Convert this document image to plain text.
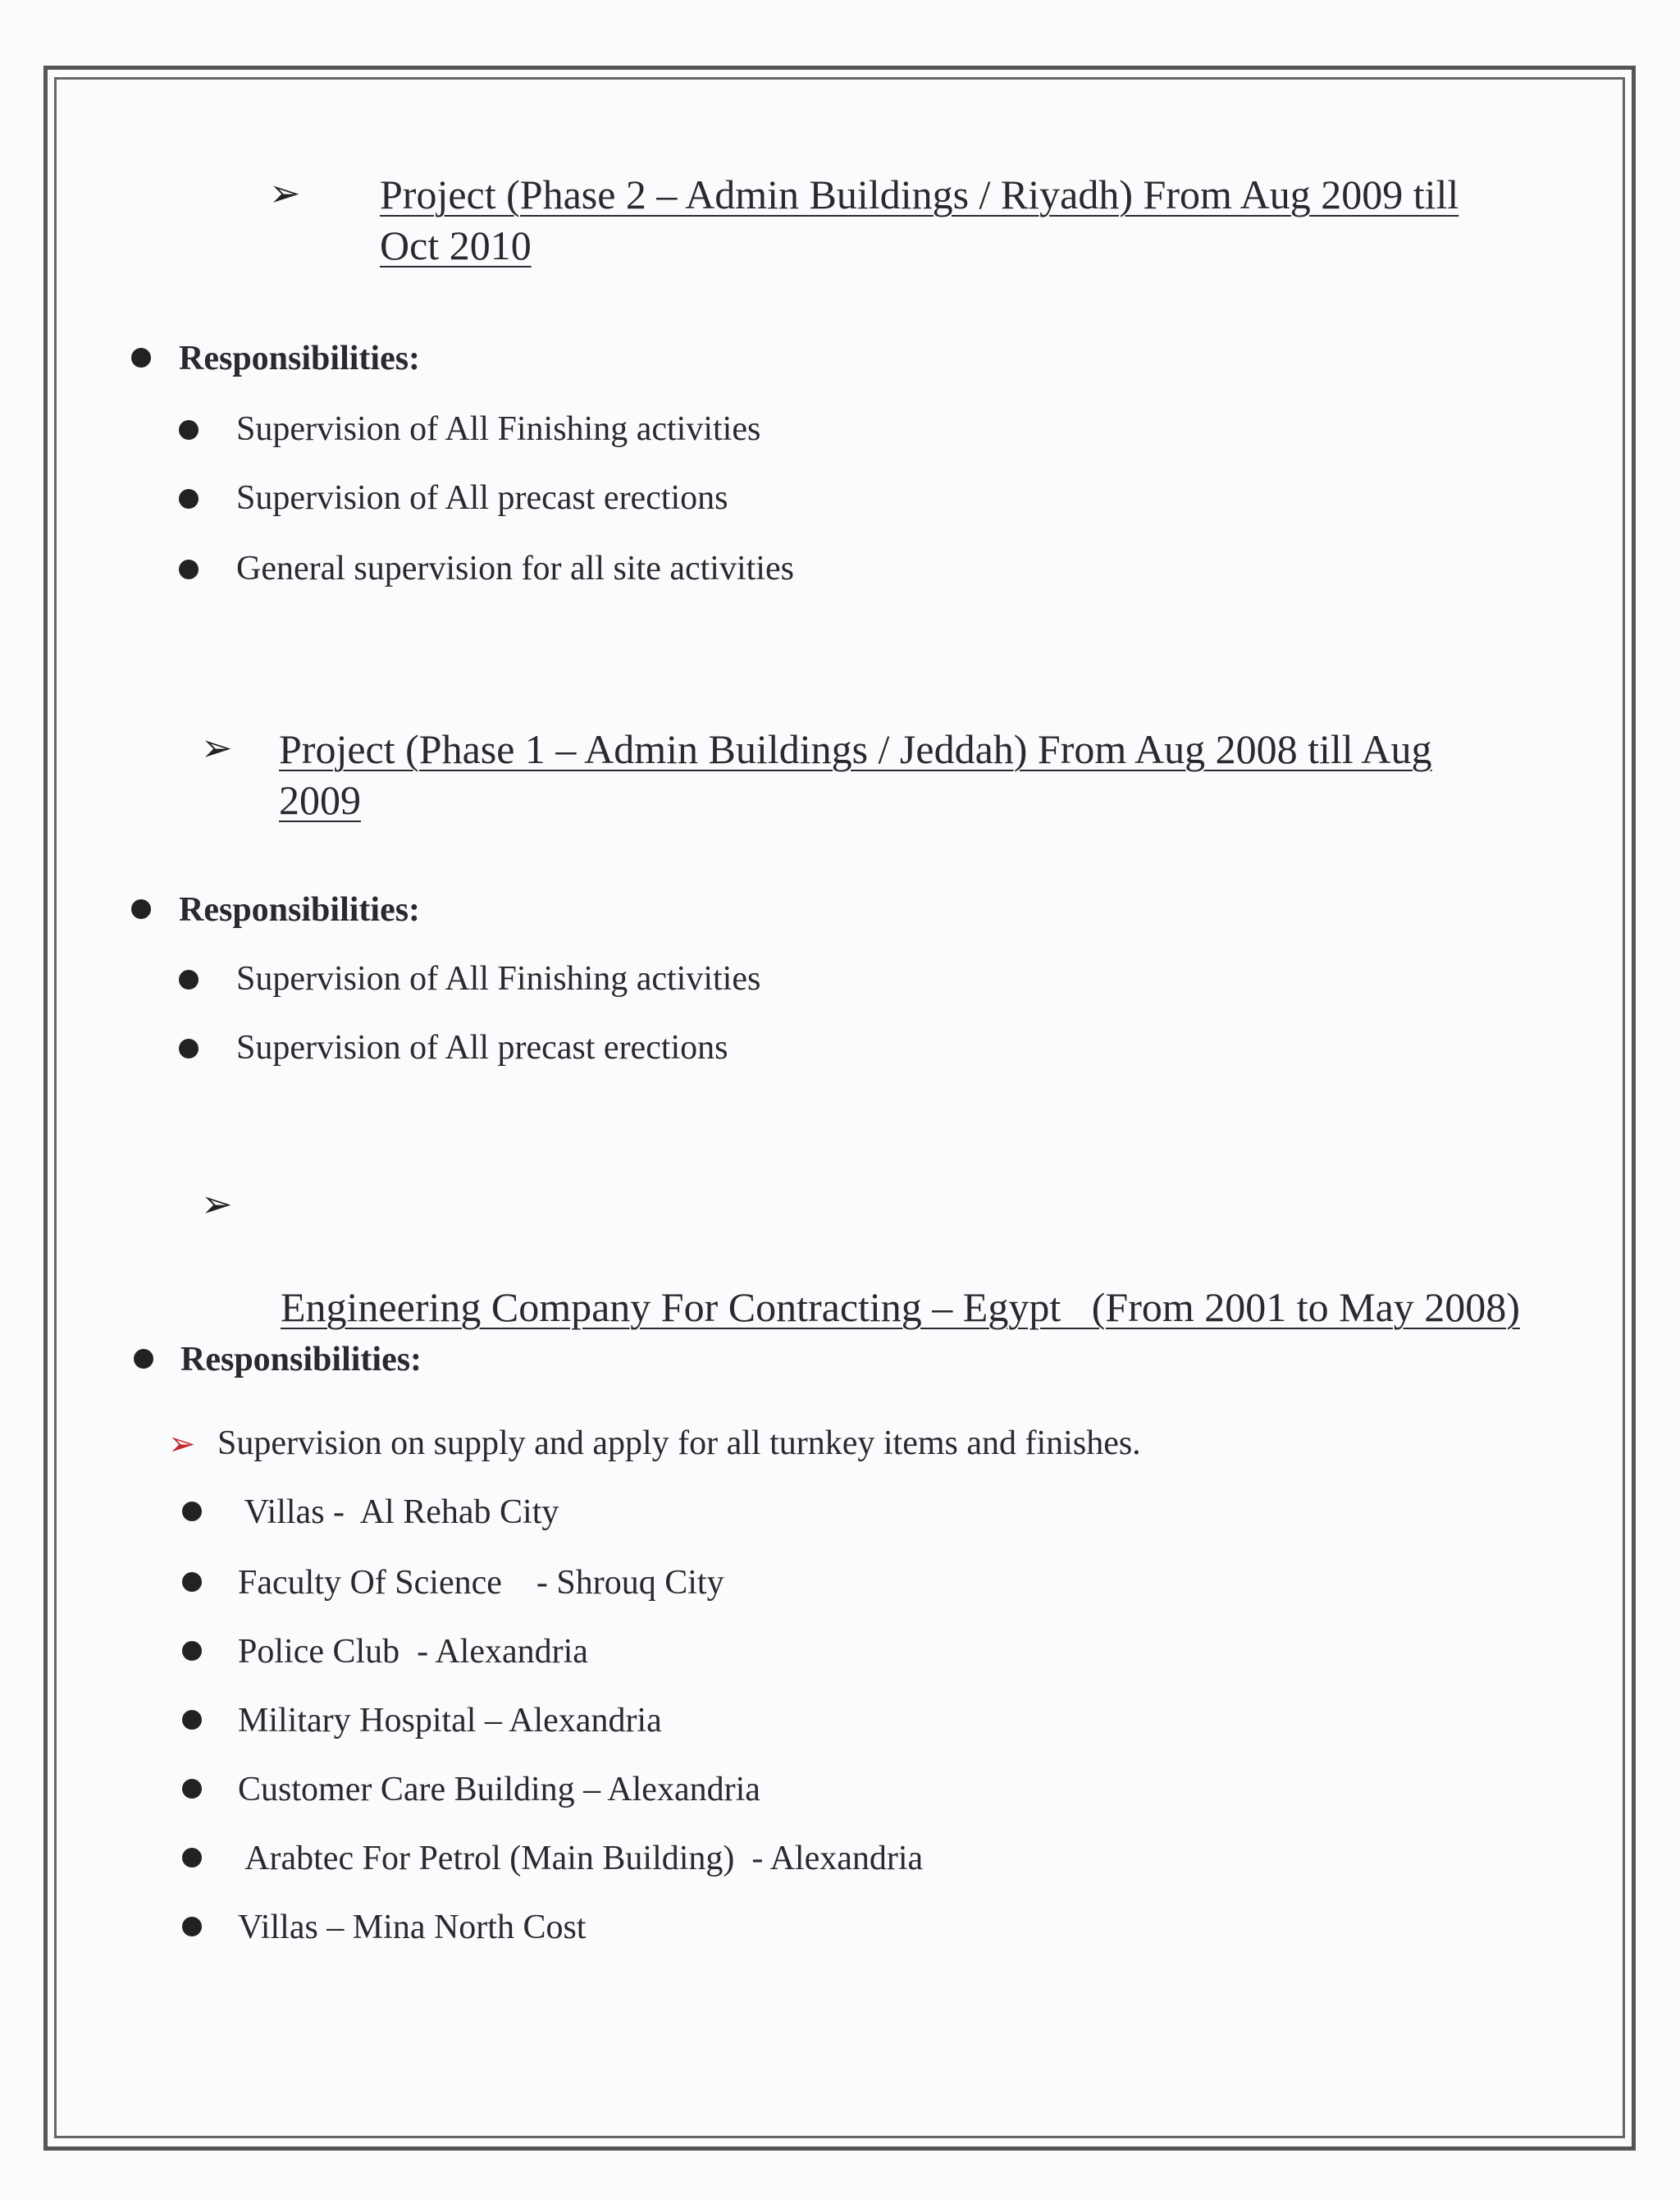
➢ Project (Phase 2 – Admin Buildings / Riyadh) From Aug 2009 till
Oct 2010
Responsibilities:
Supervision of All Finishing activities
Supervision of All precast erections
General supervision for all site activities
➢ Project (Phase 1 – Admin Buildings / Jeddah) From Aug 2008 till Aug
2009
Responsibilities:
Supervision of All Finishing activities
Supervision of All precast erections
➢

Engineering Company For Contracting – Egypt   (From 2001 to May 2008)

Responsibilities:
➢ Supervision on supply and apply for all turnkey items and finishes.
Villas -  Al Rehab City
Faculty Of Science    - Shrouq City
Police Club  - Alexandria
Military Hospital – Alexandria
Customer Care Building – Alexandria
Arabtec For Petrol (Main Building)  - Alexandria
Villas – Mina North Cost
